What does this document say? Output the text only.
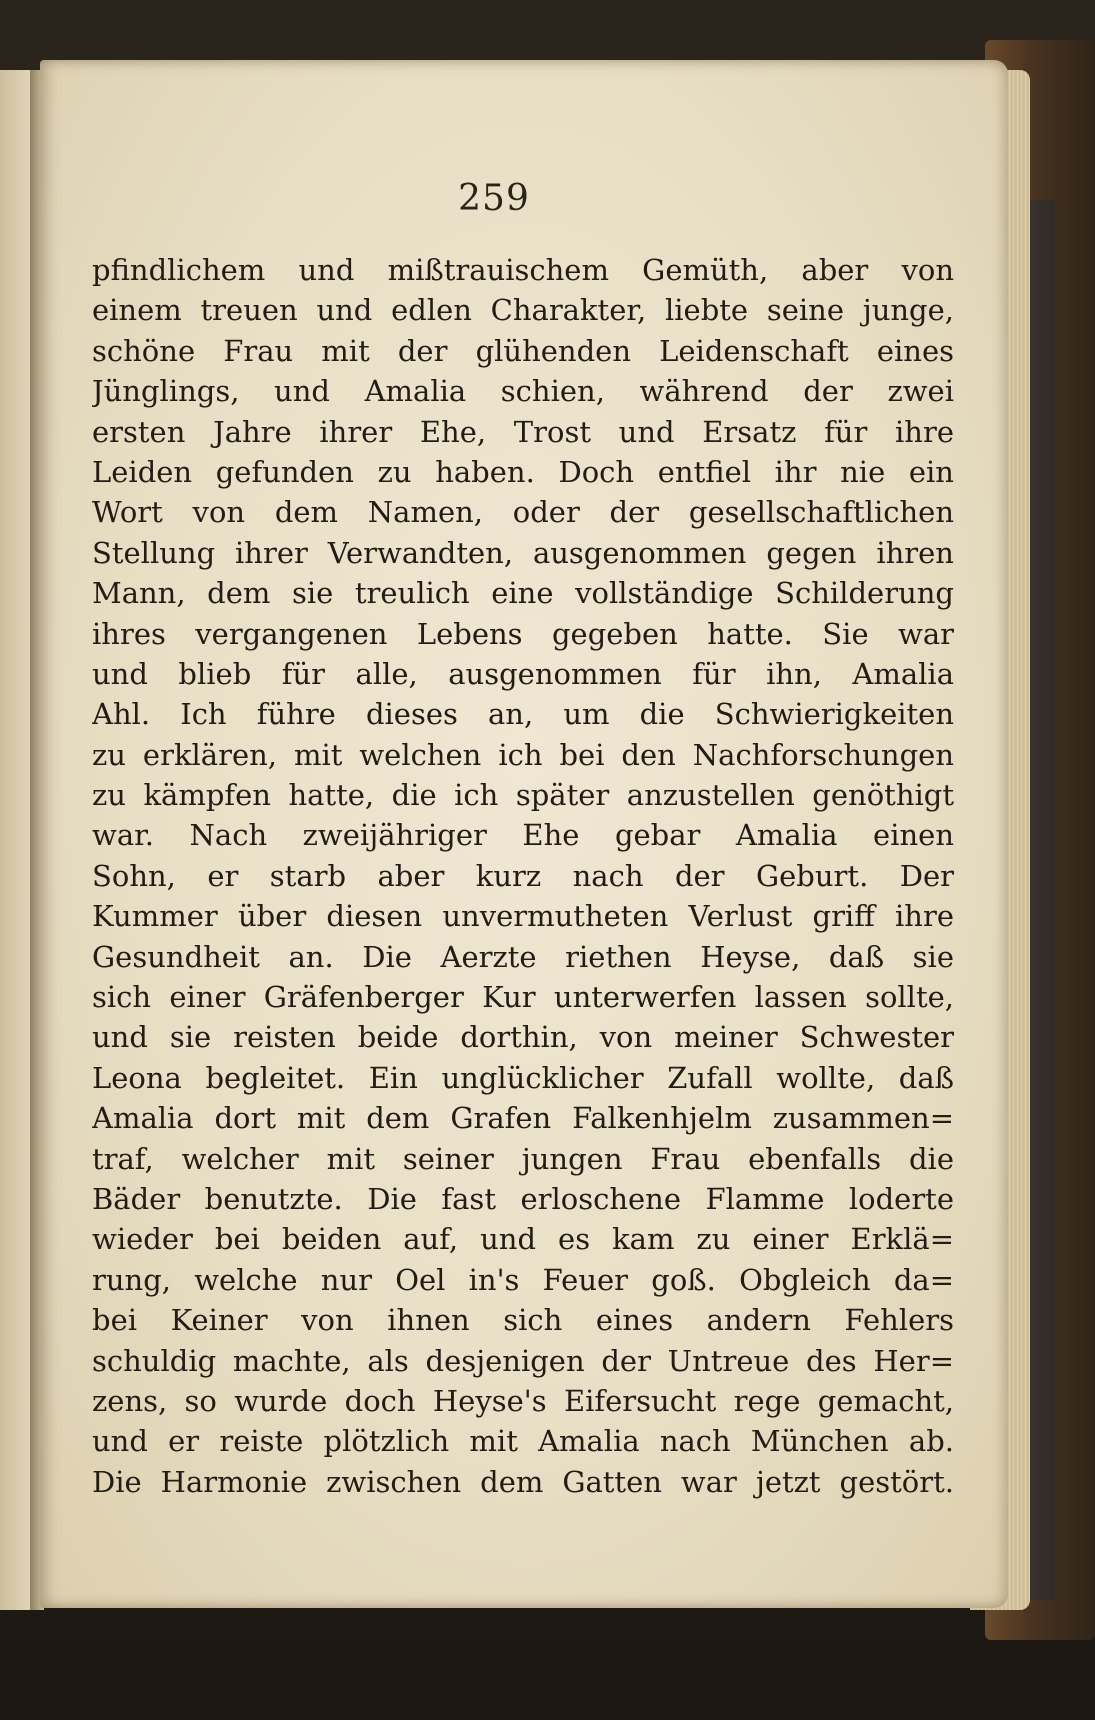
259
pfindlichem und mißtrauischem Gemüth, aber von
einem treuen und edlen Charakter, liebte seine junge,
schöne Frau mit der glühenden Leidenschaft eines
Jünglings, und Amalia schien, während der zwei
ersten Jahre ihrer Ehe, Trost und Ersatz für ihre
Leiden gefunden zu haben. Doch entfiel ihr nie ein
Wort von dem Namen, oder der gesellschaftlichen
Stellung ihrer Verwandten, ausgenommen gegen ihren
Mann, dem sie treulich eine vollständige Schilderung
ihres vergangenen Lebens gegeben hatte. Sie war
und blieb für alle, ausgenommen für ihn, Amalia
Ahl. Ich führe dieses an, um die Schwierigkeiten
zu erklären, mit welchen ich bei den Nachforschungen
zu kämpfen hatte, die ich später anzustellen genöthigt
war. Nach zweijähriger Ehe gebar Amalia einen
Sohn, er starb aber kurz nach der Geburt. Der
Kummer über diesen unvermutheten Verlust griff ihre
Gesundheit an. Die Aerzte riethen Heyse, daß sie
sich einer Gräfenberger Kur unterwerfen lassen sollte,
und sie reisten beide dorthin, von meiner Schwester
Leona begleitet. Ein unglücklicher Zufall wollte, daß
Amalia dort mit dem Grafen Falkenhjelm zusammen=
traf, welcher mit seiner jungen Frau ebenfalls die
Bäder benutzte. Die fast erloschene Flamme loderte
wieder bei beiden auf, und es kam zu einer Erklä=
rung, welche nur Oel in's Feuer goß. Obgleich da=
bei Keiner von ihnen sich eines andern Fehlers
schuldig machte, als desjenigen der Untreue des Her=
zens, so wurde doch Heyse's Eifersucht rege gemacht,
und er reiste plötzlich mit Amalia nach München ab.
Die Harmonie zwischen dem Gatten war jetzt gestört.
